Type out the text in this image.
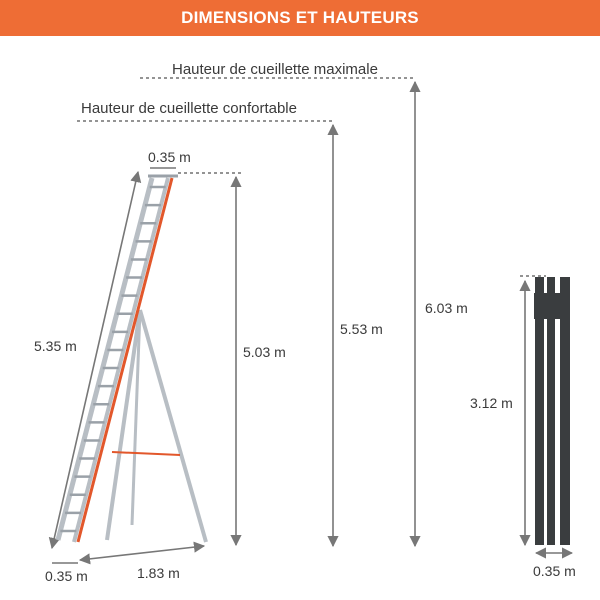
DIMENSIONS ET HAUTEURS
Hauteur de cueillette maximale
Hauteur de cueillette confortable
6.03 m
5.53 m
5.03 m
0.35 m
5.35 m
0.35 m	1.83 m
3.12 m
0.35 m
